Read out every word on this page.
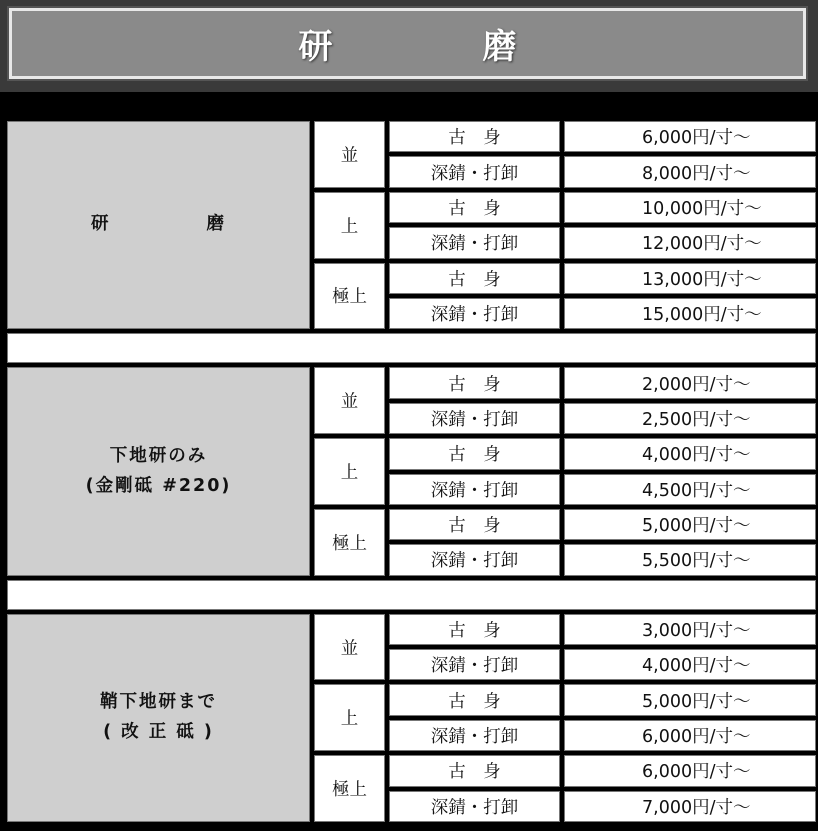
研	磨
研 磨	並	古　身	6,000円/寸〜
		深錆・打卸	8,000円/寸〜
	上	古　身	10,000円/寸〜
		深錆・打卸	12,000円/寸〜
	極上	古　身	13,000円/寸〜
		深錆・打卸	15,000円/寸〜

下地研のみ
(金剛砥 #220)	並	古　身	2,000円/寸〜
		深錆・打卸	2,500円/寸〜
	上	古　身	4,000円/寸〜
		深錆・打卸	4,500円/寸〜
	極上	古　身	5,000円/寸〜
		深錆・打卸	5,500円/寸〜

鞘下地研まで
( 改 正 砥 )	並	古　身	3,000円/寸〜
		深錆・打卸	4,000円/寸〜
	上	古　身	5,000円/寸〜
		深錆・打卸	6,000円/寸〜
	極上	古　身	6,000円/寸〜
		深錆・打卸	7,000円/寸〜
